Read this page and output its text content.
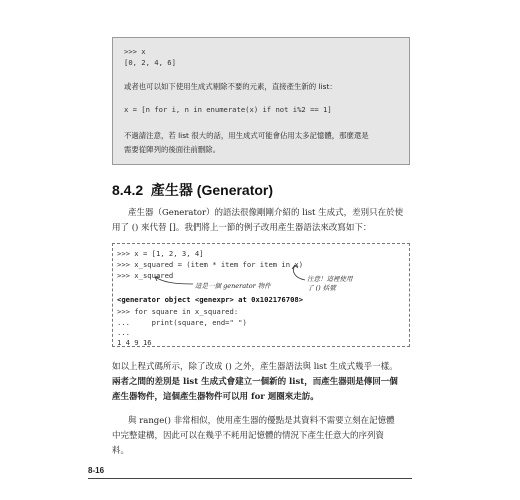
>>> x
[0, 2, 4, 6]
或者也可以如下使用生成式剔除不要的元素，直接產生新的 list：
x = [n for i, n in enumerate(x) if not i%2 == 1]
不過請注意，若 list 很大的話，用生成式可能會佔用太多記憶體，那麼還是
需要從陣列的後面往前刪除。
8.4.2 產生器 (Generator)
產生器（Generator）的語法很像剛剛介紹的 list 生成式，差別只在於使
用了 () 來代替 []。我們將上一節的例子改用產生器語法來改寫如下：
>>> x = [1, 2, 3, 4]
>>> x_squared = (item * item for item in x)
>>> x_squared
<generator object <genexpr> at 0x102176708>
>>> for square in x_squared:
...     print(square, end=" ")
...
1 4 9 16
這是一個 generator 物件
注意！這裡使用
了 () 括號
如以上程式碼所示，除了改成 () 之外，產生器語法與 list 生成式幾乎一樣。
兩者之間的差別是 list 生成式會建立一個新的 list，而產生器則是傳回一個
產生器物件，這個產生器物件可以用 for 迴圈來走訪。
與 range() 非常相似，使用產生器的優點是其資料不需要立刻在記憶體
中完整建構，因此可以在幾乎不耗用記憶體的情況下產生任意大的序列資
料。
8-16
